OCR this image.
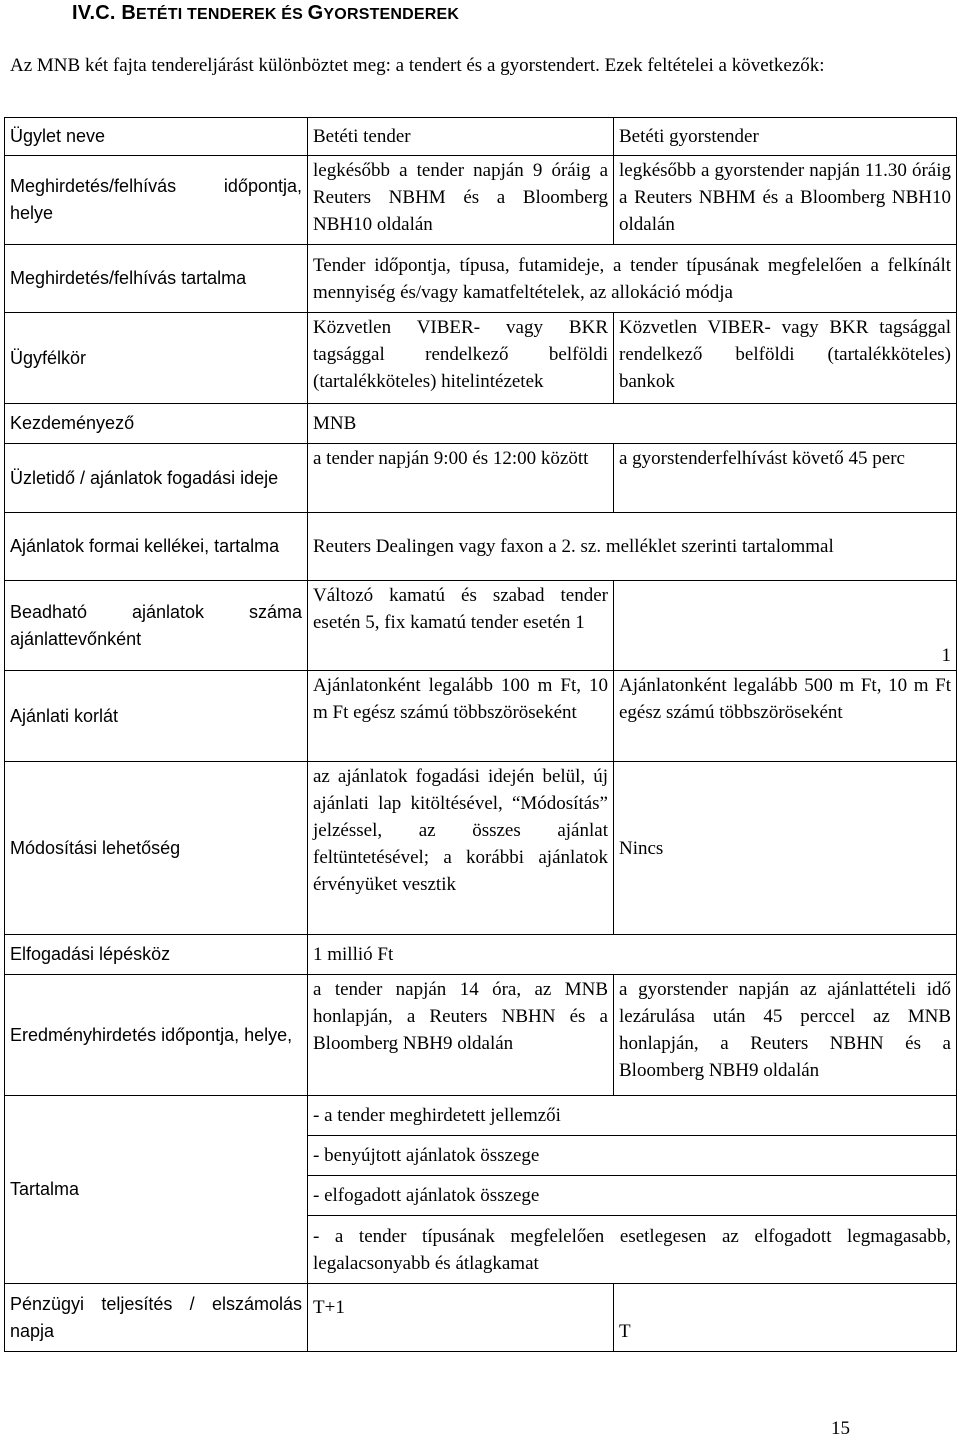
IV.C. BETÉTI TENDEREK ÉS GYORSTENDEREK
Az MNB két fajta tendereljárást különböztet meg: a tendert és a gyorstendert. Ezek feltételei a következők:
Ügylet neve	Betéti tender	Betéti gyorstender
Meghirdetés/felhívás időpontja, helye	legkésőbb a tender napján 9 óráig a Reuters NBHM és a Bloomberg NBH10 oldalán	legkésőbb a gyorstender napján 11.30 óráig a Reuters NBHM és a Bloomberg NBH10 oldalán
Meghirdetés/felhívás tartalma	Tender időpontja, típusa, futamideje, a tender típusának megfelelően a felkínált mennyiség és/vagy kamatfeltételek, az allokáció módja	
Ügyfélkör	Közvetlen VIBER- vagy BKR tagsággal rendelkező belföldi (tartalékköteles) hitelintézetek	Közvetlen VIBER- vagy BKR tagsággal rendelkező belföldi (tartalékköteles) bankok
Kezdeményező	MNB	
Üzletidő / ajánlatok fogadási ideje	a tender napján 9:00 és 12:00 között	a gyorstenderfelhívást követő 45 perc
Ajánlatok formai kellékei, tartalma	Reuters Dealingen vagy faxon a 2. sz. melléklet szerinti tartalommal	
Beadható ajánlatok száma ajánlattevőnként	Változó kamatú és szabad tender esetén 5, fix kamatú tender esetén 1	1
Ajánlati korlát	Ajánlatonként legalább 100 m Ft, 10 m Ft egész számú többszöröseként	Ajánlatonként legalább 500 m Ft, 10 m Ft egész számú többszöröseként
Módosítási lehetőség	az ajánlatok fogadási idején belül, új ajánlati lap kitöltésével, “Módosítás” jelzéssel, az összes ajánlat feltüntetésével; a korábbi ajánlatok érvényüket vesztik	Nincs
Elfogadási lépésköz	1 millió Ft	
Eredményhirdetés időpontja, helye,	a tender napján 14 óra, az MNB honlapján, a Reuters NBHN és a Bloomberg NBH9 oldalán	a gyorstender napján az ajánlattételi idő lezárulása után 45 perccel az MNB honlapján, a Reuters NBHN és a Bloomberg NBH9 oldalán
Tartalma	- a tender meghirdetett jellemzői	
	- benyújtott ajánlatok összege	
	- elfogadott ajánlatok összege	
	- a tender típusának megfelelően esetlegesen az elfogadott legmagasabb, legalacsonyabb és átlagkamat	
Pénzügyi teljesítés / elszámolás napja	T+1	T
15
